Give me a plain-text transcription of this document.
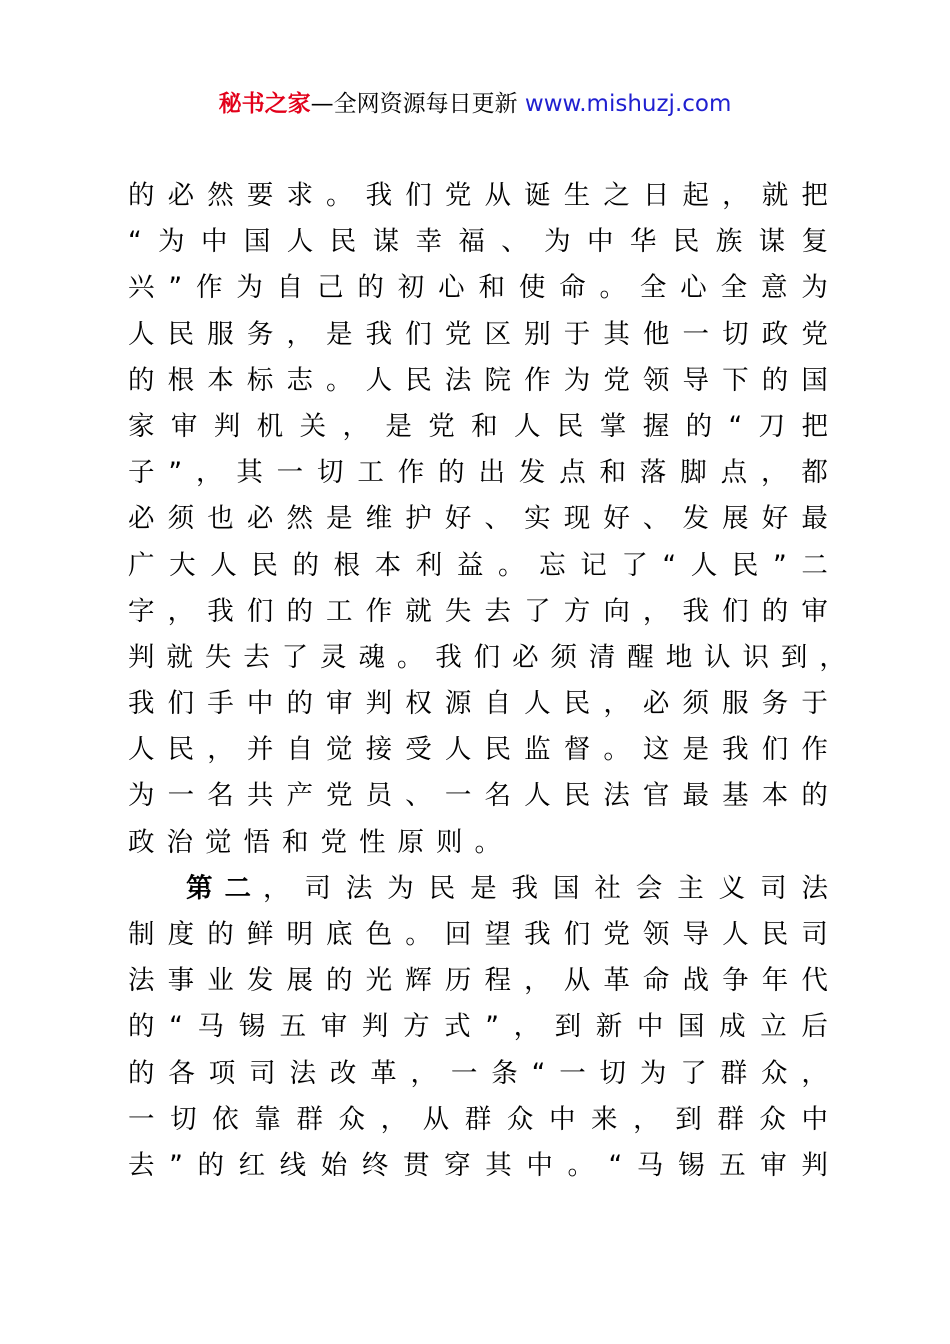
秘书之家—全网资源每日更新 www.mishuzj.com
的 必 然 要 求 。 我 们 党 从 诞 生 之 日 起 ， 就 把
“ 为 中 国 人 民 谋 幸 福 、 为 中 华 民 族 谋 复
兴 ” 作 为 自 己 的 初 心 和 使 命 。 全 心 全 意 为
人 民 服 务 ， 是 我 们 党 区 别 于 其 他 一 切 政 党
的 根 本 标 志 。 人 民 法 院 作 为 党 领 导 下 的 国
家 审 判 机 关 ， 是 党 和 人 民 掌 握 的 “ 刀 把
子 ” ， 其 一 切 工 作 的 出 发 点 和 落 脚 点 ， 都
必 须 也 必 然 是 维 护 好 、 实 现 好 、 发 展 好 最
广 大 人 民 的 根 本 利 益 。 忘 记 了 “ 人 民 ” 二
字 ， 我 们 的 工 作 就 失 去 了 方 向 ， 我 们 的 审
判 就 失 去 了 灵 魂 。 我 们 必 须 清 醒 地 认 识 到 ，
我 们 手 中 的 审 判 权 源 自 人 民 ， 必 须 服 务 于
人 民 ， 并 自 觉 接 受 人 民 监 督 。 这 是 我 们 作
为 一 名 共 产 党 员 、 一 名 人 民 法 官 最 基 本 的
政治觉悟和党性原则。
第二 ， 司 法 为 民 是 我 国 社 会 主 义 司 法
制 度 的 鲜 明 底 色 。 回 望 我 们 党 领 导 人 民 司
法 事 业 发 展 的 光 辉 历 程 ， 从 革 命 战 争 年 代
的 “ 马 锡 五 审 判 方 式 ” ， 到 新 中 国 成 立 后
的 各 项 司 法 改 革 ， 一 条 “ 一 切 为 了 群 众 ，
一 切 依 靠 群 众 ， 从 群 众 中 来 ， 到 群 众 中
去 ” 的 红 线 始 终 贯 穿 其 中 。 “ 马 锡 五 审 判
